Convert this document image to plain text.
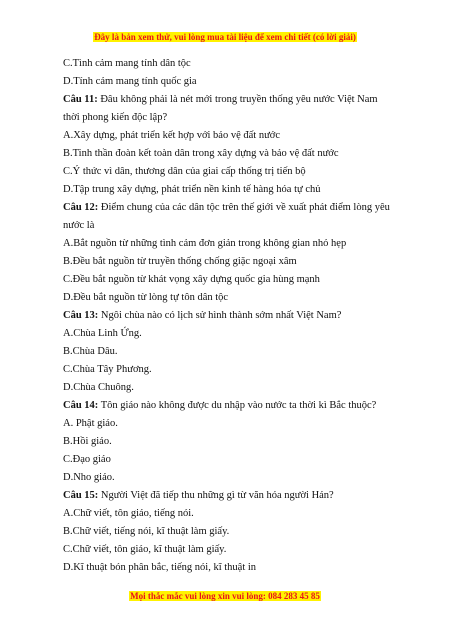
Đây là bản xem thử, vui lòng mua tài liệu để xem chi tiết (có lời giải)
C.Tình cảm mang tính dân tộc
D.Tính cảm mang tính quốc gia
Câu 11: Đâu không phải là nét mới trong truyền thống yêu nước Việt Nam
thời phong kiến độc lập?
A.Xây dựng, phát triển kết hợp với bảo vệ đất nước
B.Tinh thần đoàn kết toàn dân trong xây dựng và bảo vệ đất nước
C.Ý thức vì dân, thương dân của giai cấp thống trị tiến bộ
D.Tập trung xây dựng, phát triển nền kinh tế hàng hóa tự chủ
Câu 12: Điểm chung của các dân tộc trên thế giới về xuất phát điểm lòng yêu
nước là
A.Bắt nguồn từ những tình cảm đơn giản trong không gian nhỏ hẹp
B.Đều bắt nguồn từ truyền thống chống giặc ngoại xâm
C.Đều bắt nguồn từ khát vọng xây dựng quốc gia hùng mạnh
D.Đều bắt nguồn từ lòng tự tôn dân tộc
Câu 13: Ngôi chùa nào có lịch sử hình thành sớm nhất Việt Nam?
A.Chùa Linh Ứng.
B.Chùa Dâu.
C.Chùa Tây Phương.
D.Chùa Chuông.
Câu 14: Tôn giáo nào không được du nhập vào nước ta thời kì Bắc thuộc?
A. Phật giáo.
B.Hồi giáo.
C.Đạo giáo
D.Nho giáo.
Câu 15: Người Việt đã tiếp thu những gì từ văn hóa người Hán?
A.Chữ viết, tôn giáo, tiếng nói.
B.Chữ viết, tiếng nói, kĩ thuật làm giấy.
C.Chữ viết, tôn giáo, kĩ thuật làm giấy.
D.Kĩ thuật bón phân bắc, tiếng nói, kĩ thuật in
Mọi thắc mắc vui lòng xin vui lòng: 084 283 45 85
